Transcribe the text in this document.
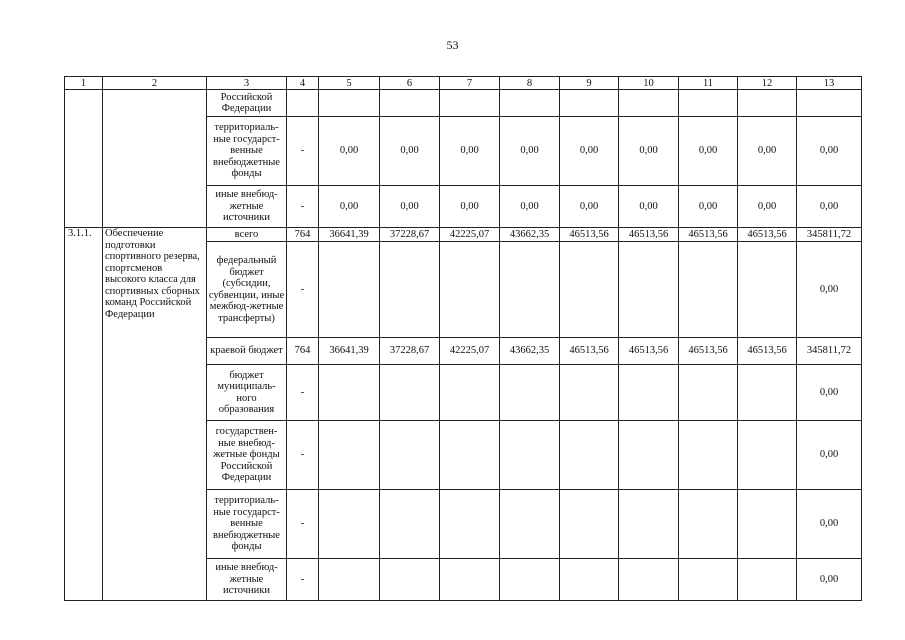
53
1	2	3	4	5	6	7	8	9	10	11	12	13
		Российской Федерации										
		территориаль-ные государст-венные внебюджетные фонды	-	0,00	0,00	0,00	0,00	0,00	0,00	0,00	0,00	0,00
		иные внебюд-жетные источники	-	0,00	0,00	0,00	0,00	0,00	0,00	0,00	0,00	0,00
3.1.1.	Обеспечение подготовки спортивного резерва, спортсменов высокого класса для спортивных сборных команд Российской Федерации	всего	764	36641,39	37228,67	42225,07	43662,35	46513,56	46513,56	46513,56	46513,56	345811,72
		федеральный бюджет (субсидии, субвенции, иные межбюд-жетные трансферты)	-									0,00
		краевой бюджет	764	36641,39	37228,67	42225,07	43662,35	46513,56	46513,56	46513,56	46513,56	345811,72
		бюджет муниципаль-ного образования	-									0,00
		государствен-ные внебюд-жетные фонды Российской Федерации	-									0,00
		территориаль-ные государст-венные внебюджетные фонды	-									0,00
		иные внебюд-жетные источники	-									0,00
